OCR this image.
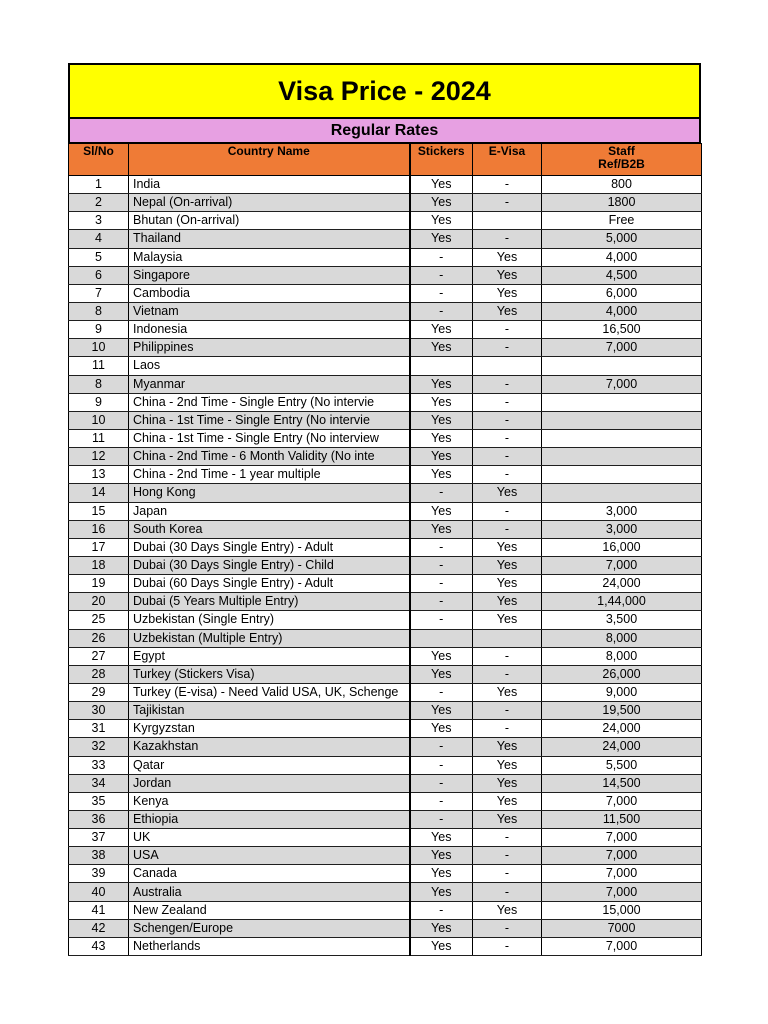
Visa Price - 2024
Regular Rates
Sl/No	Country Name	Stickers	E-Visa	Staff
Ref/B2B
1	India	Yes	-	800
2	Nepal (On-arrival)	Yes	-	1800
3	Bhutan (On-arrival)	Yes		Free
4	Thailand	Yes	-	5,000
5	Malaysia	-	Yes	4,000
6	Singapore	-	Yes	4,500
7	Cambodia	-	Yes	6,000
8	Vietnam	-	Yes	4,000
9	Indonesia	Yes	-	16,500
10	Philippines	Yes	-	7,000
11	Laos			
8	Myanmar	Yes	-	7,000
9	China - 2nd Time - Single Entry (No intervie	Yes	-	
10	China - 1st Time - Single Entry (No intervie	Yes	-	
11	China - 1st Time - Single Entry (No interview	Yes	-	
12	China - 2nd Time - 6 Month Validity (No inte	Yes	-	
13	China - 2nd Time - 1 year multiple	Yes	-	
14	Hong Kong	-	Yes	
15	Japan	Yes	-	3,000
16	South Korea	Yes	-	3,000
17	Dubai (30 Days Single Entry) - Adult	-	Yes	16,000
18	Dubai (30 Days Single Entry) - Child	-	Yes	7,000
19	Dubai (60 Days Single Entry) - Adult	-	Yes	24,000
20	Dubai (5 Years Multiple Entry)	-	Yes	1,44,000
25	Uzbekistan (Single Entry)	-	Yes	3,500
26	Uzbekistan (Multiple Entry)			8,000
27	Egypt	Yes	-	8,000
28	Turkey (Stickers Visa)	Yes	-	26,000
29	Turkey (E-visa) - Need Valid USA, UK, Schenge	-	Yes	9,000
30	Tajikistan	Yes	-	19,500
31	Kyrgyzstan	Yes	-	24,000
32	Kazakhstan	-	Yes	24,000
33	Qatar	-	Yes	5,500
34	Jordan	-	Yes	14,500
35	Kenya	-	Yes	7,000
36	Ethiopia	-	Yes	11,500
37	UK	Yes	-	7,000
38	USA	Yes	-	7,000
39	Canada	Yes	-	7,000
40	Australia	Yes	-	7,000
41	New Zealand	-	Yes	15,000
42	Schengen/Europe	Yes	-	7000
43	Netherlands	Yes	-	7,000
